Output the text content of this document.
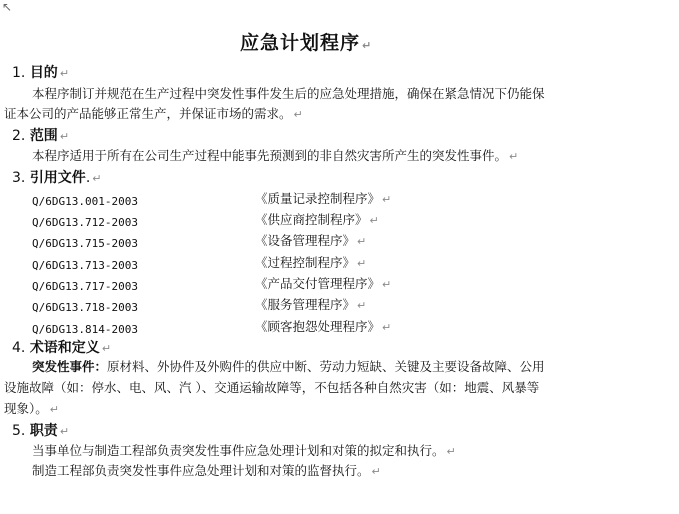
↖
应急计划程序 ↵
1. 目的 ↵
本程序制订并规范在生产过程中突发性事件发生后的应急处理措施，确保在紧急情况下仍能保
证本公司的产品能够正常生产，并保证市场的需求。 ↵
2. 范围 ↵
本程序适用于所有在公司生产过程中能事先预测到的非自然灾害所产生的突发性事件。 ↵
3. 引用文件. ↵
Q/6DG13.001-2003	《质量记录控制程序》 ↵
Q/6DG13.712-2003	《供应商控制程序》 ↵
Q/6DG13.715-2003	《设备管理程序》 ↵
Q/6DG13.713-2003	《过程控制程序》 ↵
Q/6DG13.717-2003	《产品交付管理程序》 ↵
Q/6DG13.718-2003	《服务管理程序》 ↵
Q/6DG13.814-2003	《顾客抱怨处理程序》 ↵
4. 术语和定义 ↵
突发性事件：原材料、外协件及外购件的供应中断、劳动力短缺、关键及主要设备故障、公用
设施故障（如：停水、电、风、汽 ）、交通运输故障等，不包括各种自然灾害（如：地震、风暴等
现象）。 ↵
5. 职责 ↵
当事单位与制造工程部负责突发性事件应急处理计划和对策的拟定和执行。 ↵
制造工程部负责突发性事件应急处理计划和对策的监督执行。 ↵
